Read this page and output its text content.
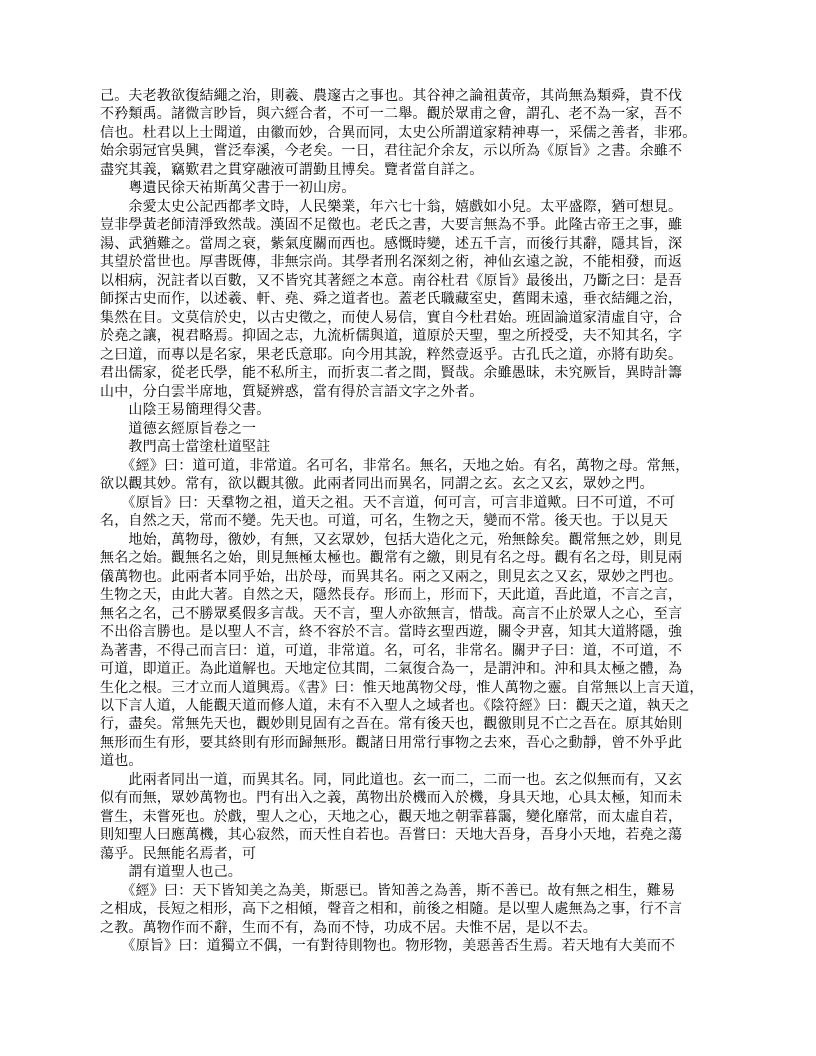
己。夫老教欲復結繩之治，則羲、農邃古之事也。其谷神之論祖黃帝，其尚無為類舜，貴不伐
不矜類禹。諸微言眇旨，與六經合者，不可一二舉。觀於眾甫之會，謂孔、老不為一家，吾不
信也。杜君以上士聞道，由徽而妙，合異而同，太史公所謂道家精神專一，采儒之善者，非邪。
始余弱冠官吳興，嘗泛奉溪，今老矣。一日，君往記介余友，示以所為《原旨》之書。余雖不
盡究其義，竊歎君之貫穿融液可謂勤且博矣。覽者當自詳之。
　　粵遺民徐天祐斯萬父書于一初山房。
　　余愛太史公記西都孝文時，人民樂業，年六七十翁，嬉戲如小兒。太平盛際，猶可想見。
豈非學黃老師清淨致然哉。漢固不足徵也。老氏之書，大要言無為不爭。此隆古帝王之事，雖
湯、武猶難之。當周之衰，紫氣度關而西也。感慨時變，述五千言，而後行其辭，隱其旨，深
其望於當世也。厚書既傳，非無宗尚。其學者刑名深刻之術，神仙玄遠之說，不能相發，而返
以相病，況註者以百數，又不皆究其著經之本意。南谷杜君《原旨》最後出，乃斷之曰：是吾
師探古史而作，以述羲、軒、堯、舜之道者也。蓋老氏職藏室史，舊聞未遠，垂衣結繩之治，
集然在目。文莫信於史，以古史徵之，而使人易信，實自今杜君始。班固論道家清虛自守，合
於堯之讓，視君略焉。抑固之志，九流析儒與道，道原於天聖，聖之所授受，夫不知其名，字
之曰道，而專以是名家，果老氏意耶。向今用其說，粹然壹返乎。古孔氏之道，亦將有助矣。
君出儒家，從老氏學，能不私所主，而折衷二者之間，賢哉。余雖愚昧，未究厥旨，異時計籌
山中，分白雲半席地，質疑辨惑，當有得於言語文字之外者。
　　山陰王易簡理得父書。
　　道德玄經原旨卷之一
　　教門高士當塗杜道堅註
　　《經》曰：道可道，非常道。名可名，非常名。無名，天地之始。有名，萬物之母。常無，
欲以觀其妙。常有，欲以觀其徼。此兩者同出而異名，同謂之玄。玄之又玄，眾妙之門。
　　《原旨》曰：天羣物之祖，道天之祖。天不言道，何可言，可言非道歟。曰不可道，不可
名，自然之天，常而不變。先天也。可道，可名，生物之天，變而不常。後天也。于以見天
　　地始，萬物母，徼妙，有無，又玄眾妙，包括大造化之元，殆無餘矣。觀常無之妙，則見
無名之始。觀無名之始，則見無極太極也。觀常有之繳，則見有名之母。觀有名之母，則見兩
儀萬物也。此兩者本同乎始，出於母，而異其名。兩之又兩之，則見玄之又玄，眾妙之門也。
生物之天，由此大著。自然之天，隱然長存。形而上，形而下，天此道，吾此道，不言之言，
無名之名，己不勝眾奚假多言哉。天不言，聖人亦欲無言，惜哉。高言不止於眾人之心，至言
不出俗言勝也。是以聖人不言，終不容於不言。當時玄聖西遊，關令尹喜，知其大道將隱，強
為著書，不得己而言曰：道，可道，非常道。名，可名，非常名。關尹子曰：道，不可道，不
可道，即道正。為此道解也。天地定位其間，二氣復合為一，是謂沖和。沖和具太極之體，為
生化之根。三才立而人道興焉。《書》曰：惟天地萬物父母，惟人萬物之靈。自常無以上言天道，
以下言人道，人能觀天道而修人道，未有不入聖人之域者也。《陰符經》曰：觀天之道，執天之
行，盡矣。常無先天也，觀妙則見固有之吾在。常有後天也，觀徼則見不亡之吾在。原其始則
無形而生有形，要其終則有形而歸無形。觀諸日用常行事物之去來，吾心之動靜，曾不外乎此
道也。
　　此兩者同出一道，而異其名。同，同此道也。玄一而二，二而一也。玄之似無而有，又玄
似有而無，眾妙萬物也。門有出入之義，萬物出於機而入於機，身具天地，心具太極，知而未
嘗生，未嘗死也。於戲，聖人之心，天地之心，觀天地之朝霏暮靄，變化靡常，而太虛自若，
則知聖人曰應萬機，其心寂然，而天性自若也。吾嘗曰：天地大吾身，吾身小天地，若堯之蕩
蕩乎。民無能名焉者，可
　　謂有道聖人也己。
　　《經》曰：天下皆知美之為美，斯惡已。皆知善之為善，斯不善已。故有無之相生，難易
之相成，長短之相形，高下之相傾，聲音之相和，前後之相隨。是以聖人處無為之事，行不言
之教。萬物作而不辭，生而不有，為而不恃，功成不居。夫惟不居，是以不去。
　　《原旨》曰：道獨立不偶，一有對待則物也。物形物，美惡善否生焉。若天地有大美而不
